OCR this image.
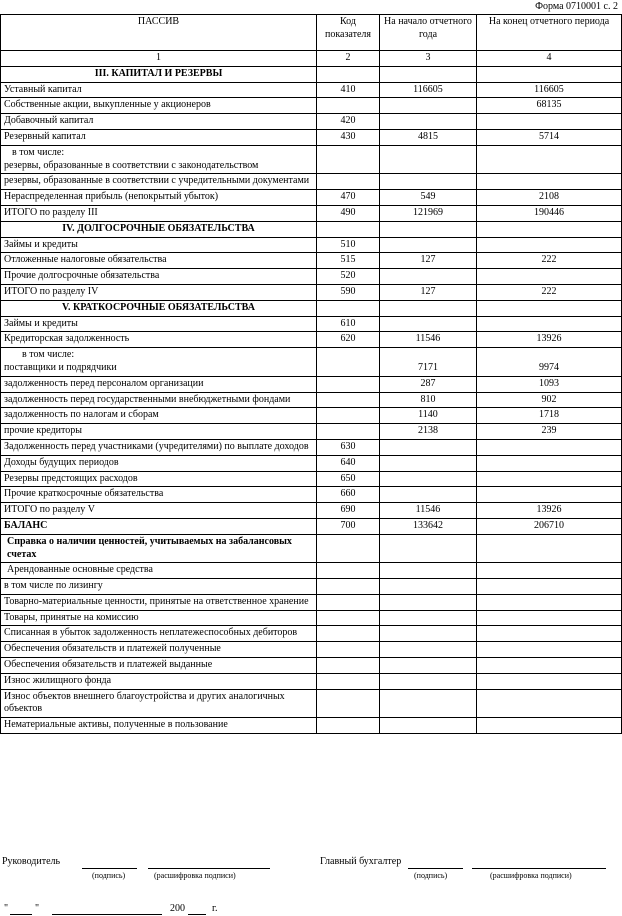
Форма 0710001 с. 2
ПАССИВ	Код показателя	На начало отчетного года	На конец отчетного периода
1	2	3	4
III. КАПИТАЛ И РЕЗЕРВЫ			
Уставный капитал	410	116605	116605
Собственные акции, выкупленные у акционеров			68135
Добавочный капитал	420		
Резервный капитал	430	4815	5714

в том числе:
резервы, образованные в соответствии с законодательством			

резервы, образованные в соответствии с учредительными документами			
Нераспределенная прибыль (непокрытый убыток)	470	549	2108
ИТОГО по разделу III	490	121969	190446
IV. ДОЛГОСРОЧНЫЕ ОБЯЗАТЕЛЬСТВА			
Займы и кредиты	510		
Отложенные налоговые обязательства	515	127	222
Прочие долгосрочные обязательства	520		
ИТОГО по разделу IV	590	127	222
V. КРАТКОСРОЧНЫЕ ОБЯЗАТЕЛЬСТВА			
Займы и кредиты	610		
Кредиторская задолженность	620	11546	13926

в том числе:
поставщики и подрядчики		7171	9974
задолженность перед персоналом организации		287	1093
задолженность перед государственными внебюджетными фондами		810	902
задолженность по налогам и сборам		1140	1718
прочие кредиторы		2138	239
Задолженность перед участниками (учредителями) по выплате доходов	630		
Доходы будущих периодов	640		
Резервы предстоящих расходов	650		
Прочие краткосрочные обязательства	660		
ИТОГО по разделу V	690	11546	13926
БАЛАНС	700	133642	206710
Справка о наличии ценностей, учитываемых на забалансовых счетах			
Арендованные основные средства			
в том числе по лизингу			
Товарно-материальные ценности, принятые на ответственное хранение			
Товары, принятые на комиссию			
Списанная в убыток задолженность неплатежеспособных дебиторов			
Обеспечения обязательств и платежей полученные			
Обеспечения обязательств и платежей выданные			
Износ жилищного фонда			
Износ объектов внешнего благоустройства и других аналогичных объектов			
Нематериальные активы, полученные в пользование			
Руководитель
(подпись)	(расшифровка подписи)
Главный бухгалтер
(подпись)	(расшифровка подписи)
"	"	200	г.
